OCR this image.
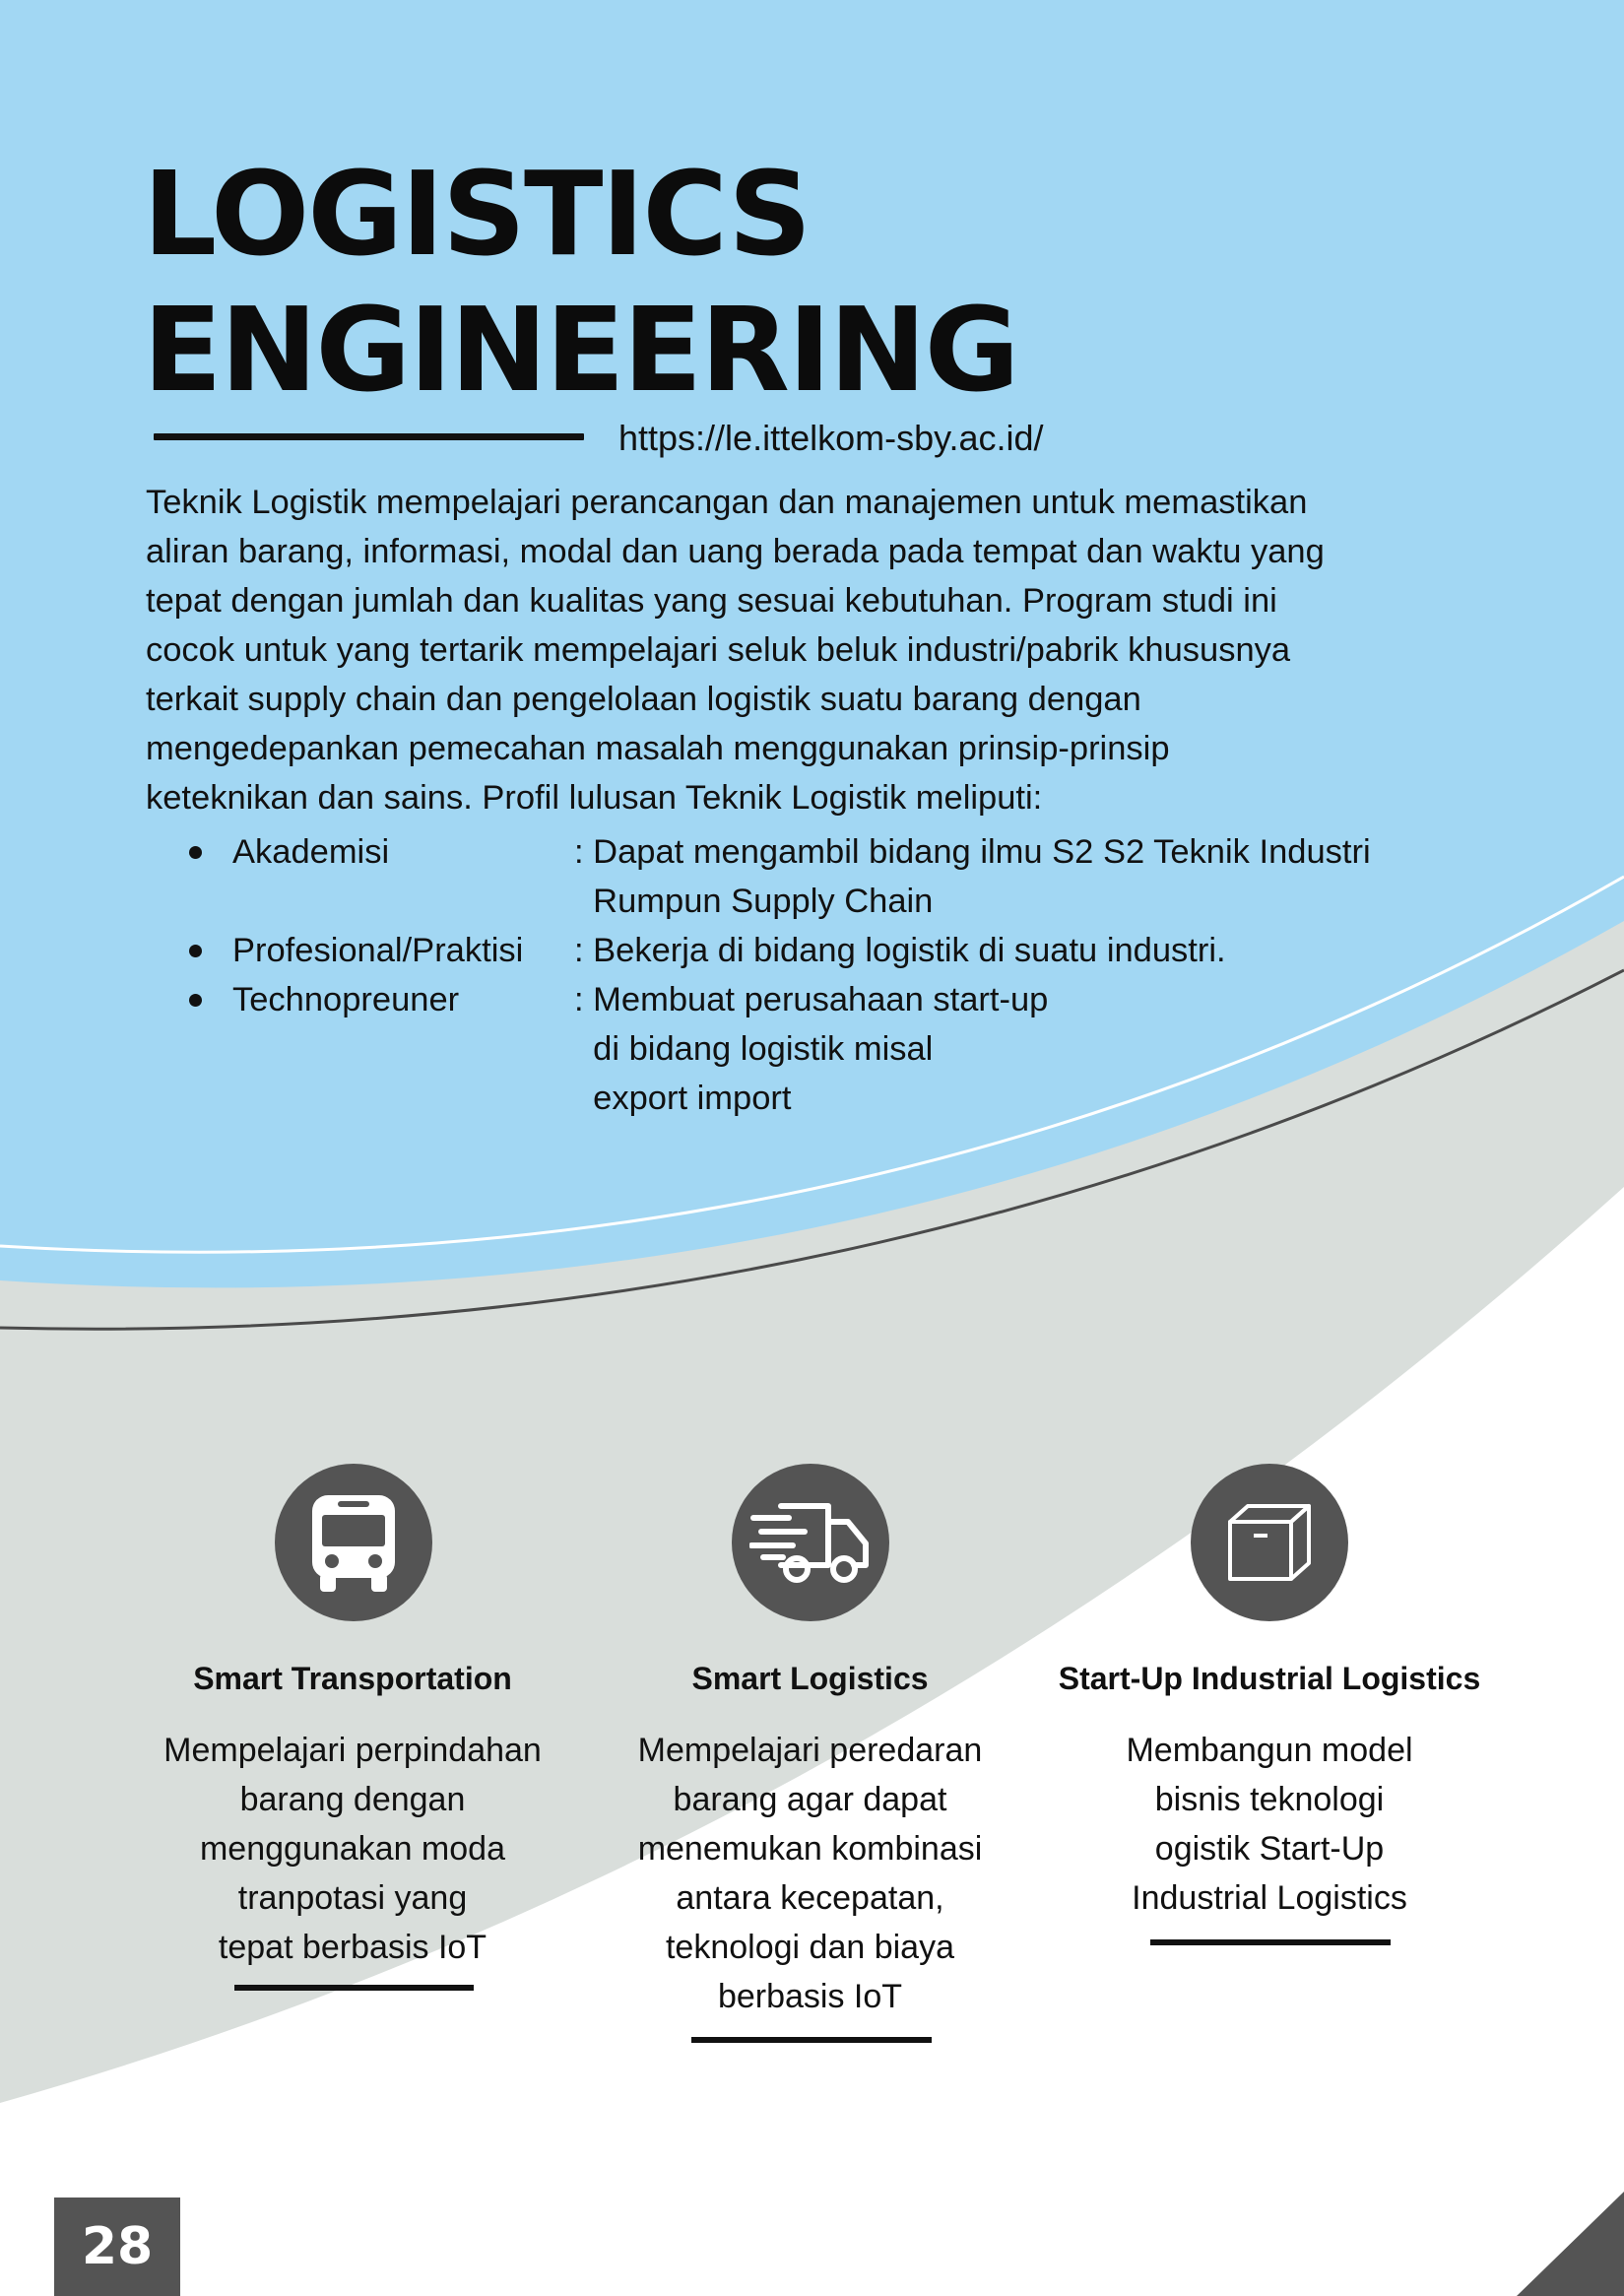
LOGISTICS
ENGINEERING
https://le.ittelkom-sby.ac.id/

Teknik Logistik mempelajari perancangan dan manajemen untuk memastikan
aliran barang, informasi, modal dan uang berada pada tempat dan waktu yang
tepat dengan jumlah dan kualitas yang sesuai kebutuhan. Program studi ini
cocok untuk yang tertarik mempelajari seluk beluk industri/pabrik khususnya
terkait supply chain dan pengelolaan logistik suatu barang dengan
mengedepankan pemecahan masalah menggunakan prinsip-prinsip
keteknikan dan sains. Profil lulusan Teknik Logistik meliputi:

Akademisi	: Dapat mengambil bidang ilmu S2 S2 Teknik Industri
Rumpun Supply Chain
Profesional/Praktisi	: Bekerja di bidang logistik di suatu industri.
Technopreuner	: Membuat perusahaan start-up
di bidang logistik misal
export import
Smart Transportation
Mempelajari perpindahan
barang dengan
menggunakan moda
tranpotasi yang
tepat berbasis IoT
Smart Logistics
Mempelajari peredaran
barang agar dapat
menemukan kombinasi
antara kecepatan,
teknologi dan biaya
berbasis IoT
Start-Up Industrial Logistics
Membangun model
bisnis teknologi
ogistik Start-Up
Industrial Logistics
28
